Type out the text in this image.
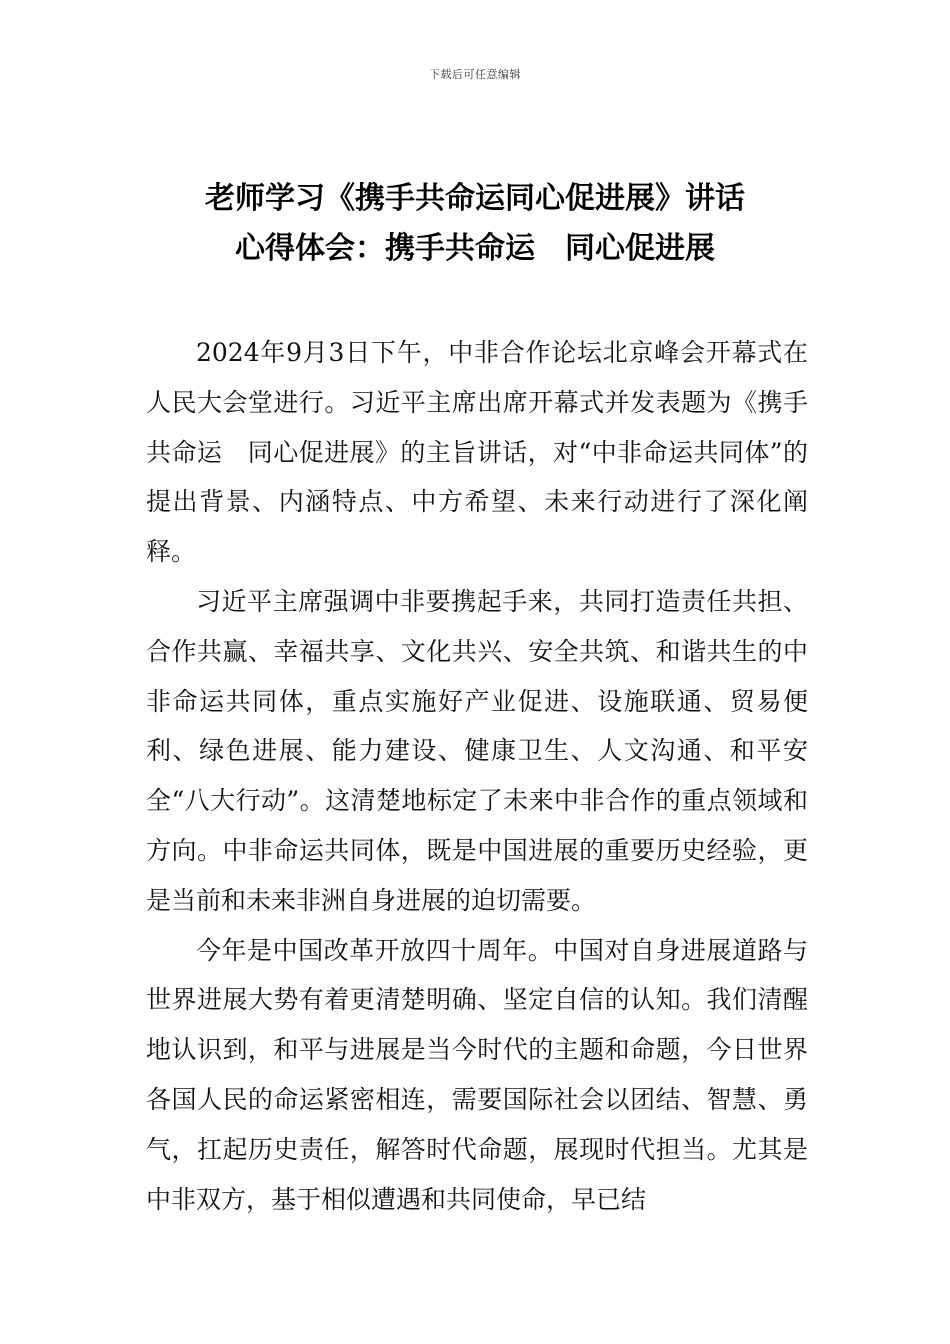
下载后可任意编辑
老师学习《携手共命运同心促进展》讲话
心得体会：携手共命运　同心促进展

2024年9月3日下午，中非合作论坛北京峰会开幕式在人民大会堂进行。习近平主席出席开幕式并发表题为《携手共命运　同心促进展》的主旨讲话，对“中非命运共同体”的提出背景、内涵特点、中方希望、未来行动进行了深化阐释。

习近平主席强调中非要携起手来，共同打造责任共担、合作共赢、幸福共享、文化共兴、安全共筑、和谐共生的中非命运共同体，重点实施好产业促进、设施联通、贸易便利、绿色进展、能力建设、健康卫生、人文沟通、和平安全“八大行动”。这清楚地标定了未来中非合作的重点领域和方向。中非命运共同体，既是中国进展的重要历史经验，更是当前和未来非洲自身进展的迫切需要。

今年是中国改革开放四十周年。中国对自身进展道路与世界进展大势有着更清楚明确、坚定自信的认知。我们清醒地认识到，和平与进展是当今时代的主题和命题，今日世界各国人民的命运紧密相连，需要国际社会以团结、智慧、勇气，扛起历史责任，解答时代命题，展现时代担当。尤其是中非双方，基于相似遭遇和共同使命，早已结
